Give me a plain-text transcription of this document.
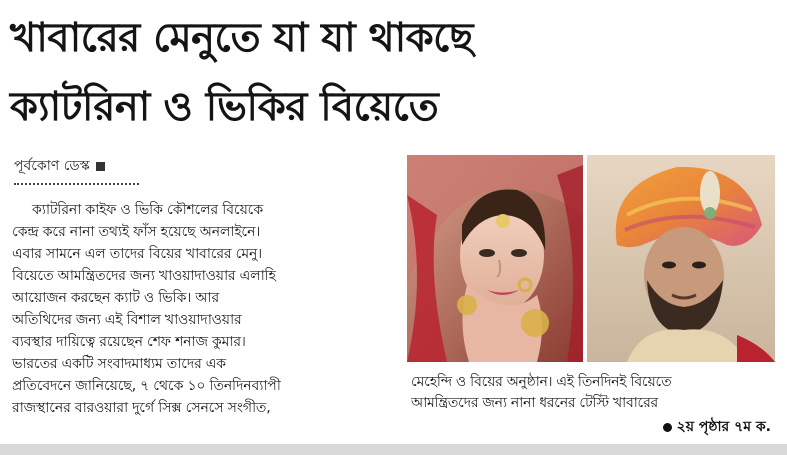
খাবারের মেনুতে যা যা থাকছে
ক্যাটরিনা ও ভিকির বিয়েতে
পূর্বকোণ ডেস্ক
ক্যাটরিনা কাইফ ও ভিকি কৌশলের বিয়েকে
কেন্দ্র করে নানা তথ্যই ফাঁস হয়েছে অনলাইনে।
এবার সামনে এল তাদের বিয়ের খাবারের মেনু।
বিয়েতে আমন্ত্রিতদের জন্য খাওয়াদাওয়ার এলাহি
আয়োজন করছেন ক্যাট ও ভিকি। আর
অতিথিদের জন্য এই বিশাল খাওয়াদাওয়ার
ব্যবস্থার দায়িত্বে রয়েছেন শেফ শনাজ কুমার।
ভারতের একটি সংবাদমাধ্যম তাদের এক
প্রতিবেদনে জানিয়েছে, ৭ থেকে ১০ তিনদিনব্যাপী
রাজস্থানের বারওয়ারা দুর্গে সিক্স সেনসে সংগীত,
মেহেন্দি ও বিয়ের অনুষ্ঠান। এই তিনদিনই বিয়েতে
আমন্ত্রিতদের জন্য নানা ধরনের টেস্টি খাবারের
২য় পৃষ্ঠার ৭ম ক.
